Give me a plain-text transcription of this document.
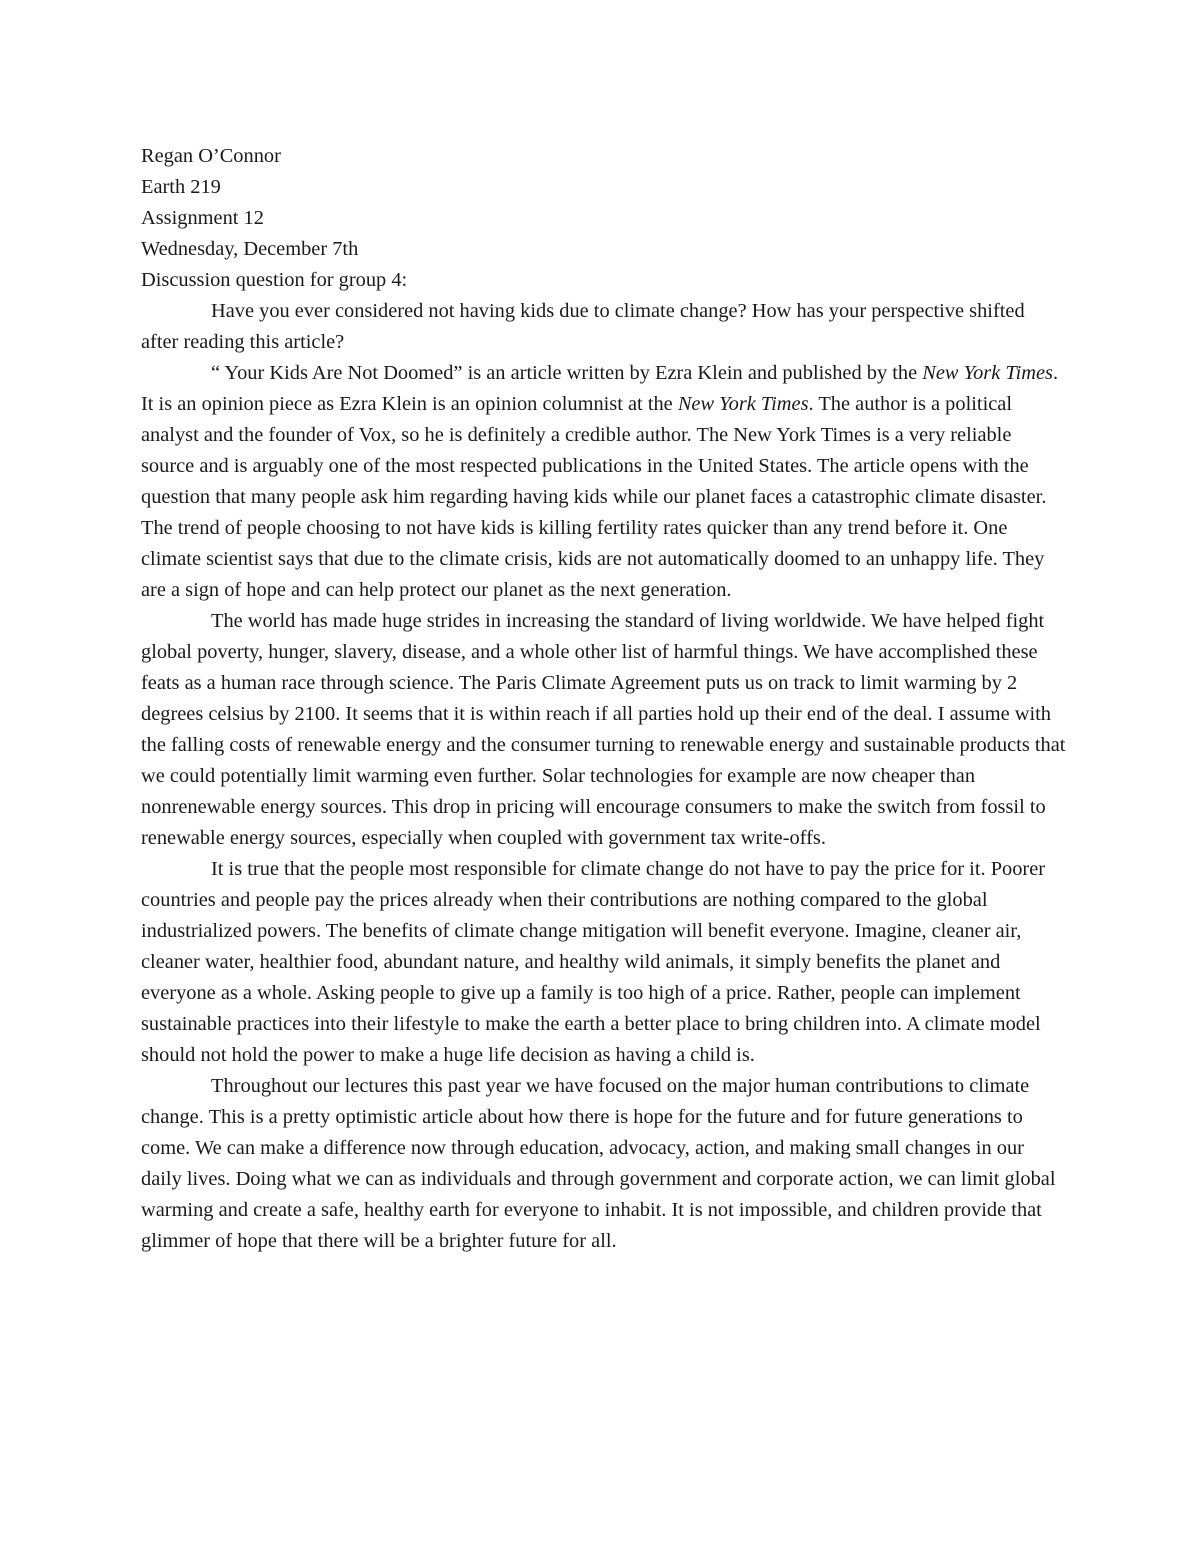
Regan O’Connor

Earth 219

Assignment 12

Wednesday, December 7th

Discussion question for group 4:

Have you ever considered not having kids due to climate change? How has your perspective shifted after reading this article?

“ Your Kids Are Not Doomed” is an article written by Ezra Klein and published by the New York Times. It is an opinion piece as Ezra Klein is an opinion columnist at the New York Times. The author is a political analyst and the founder of Vox, so he is definitely a credible author. The New York Times is a very reliable source and is arguably one of the most respected publications in the United States. The article opens with the question that many people ask him regarding having kids while our planet faces a catastrophic climate disaster. The trend of people choosing to not have kids is killing fertility rates quicker than any trend before it. One climate scientist says that due to the climate crisis, kids are not automatically doomed to an unhappy life. They are a sign of hope and can help protect our planet as the next generation.

The world has made huge strides in increasing the standard of living worldwide. We have helped fight global poverty, hunger, slavery, disease, and a whole other list of harmful things. We have accomplished these feats as a human race through science. The Paris Climate Agreement puts us on track to limit warming by 2 degrees celsius by 2100. It seems that it is within reach if all parties hold up their end of the deal. I assume with the falling costs of renewable energy and the consumer turning to renewable energy and sustainable products that we could potentially limit warming even further. Solar technologies for example are now cheaper than nonrenewable energy sources. This drop in pricing will encourage consumers to make the switch from fossil to renewable energy sources, especially when coupled with government tax write-offs.

It is true that the people most responsible for climate change do not have to pay the price for it. Poorer countries and people pay the prices already when their contributions are nothing compared to the global industrialized powers. The benefits of climate change mitigation will benefit everyone. Imagine, cleaner air, cleaner water, healthier food, abundant nature, and healthy wild animals, it simply benefits the planet and everyone as a whole. Asking people to give up a family is too high of a price. Rather, people can implement sustainable practices into their lifestyle to make the earth a better place to bring children into. A climate model should not hold the power to make a huge life decision as having a child is.

Throughout our lectures this past year we have focused on the major human contributions to climate change. This is a pretty optimistic article about how there is hope for the future and for future generations to come. We can make a difference now through education, advocacy, action, and making small changes in our daily lives. Doing what we can as individuals and through government and corporate action, we can limit global warming and create a safe, healthy earth for everyone to inhabit. It is not impossible, and children provide that glimmer of hope that there will be a brighter future for all.
